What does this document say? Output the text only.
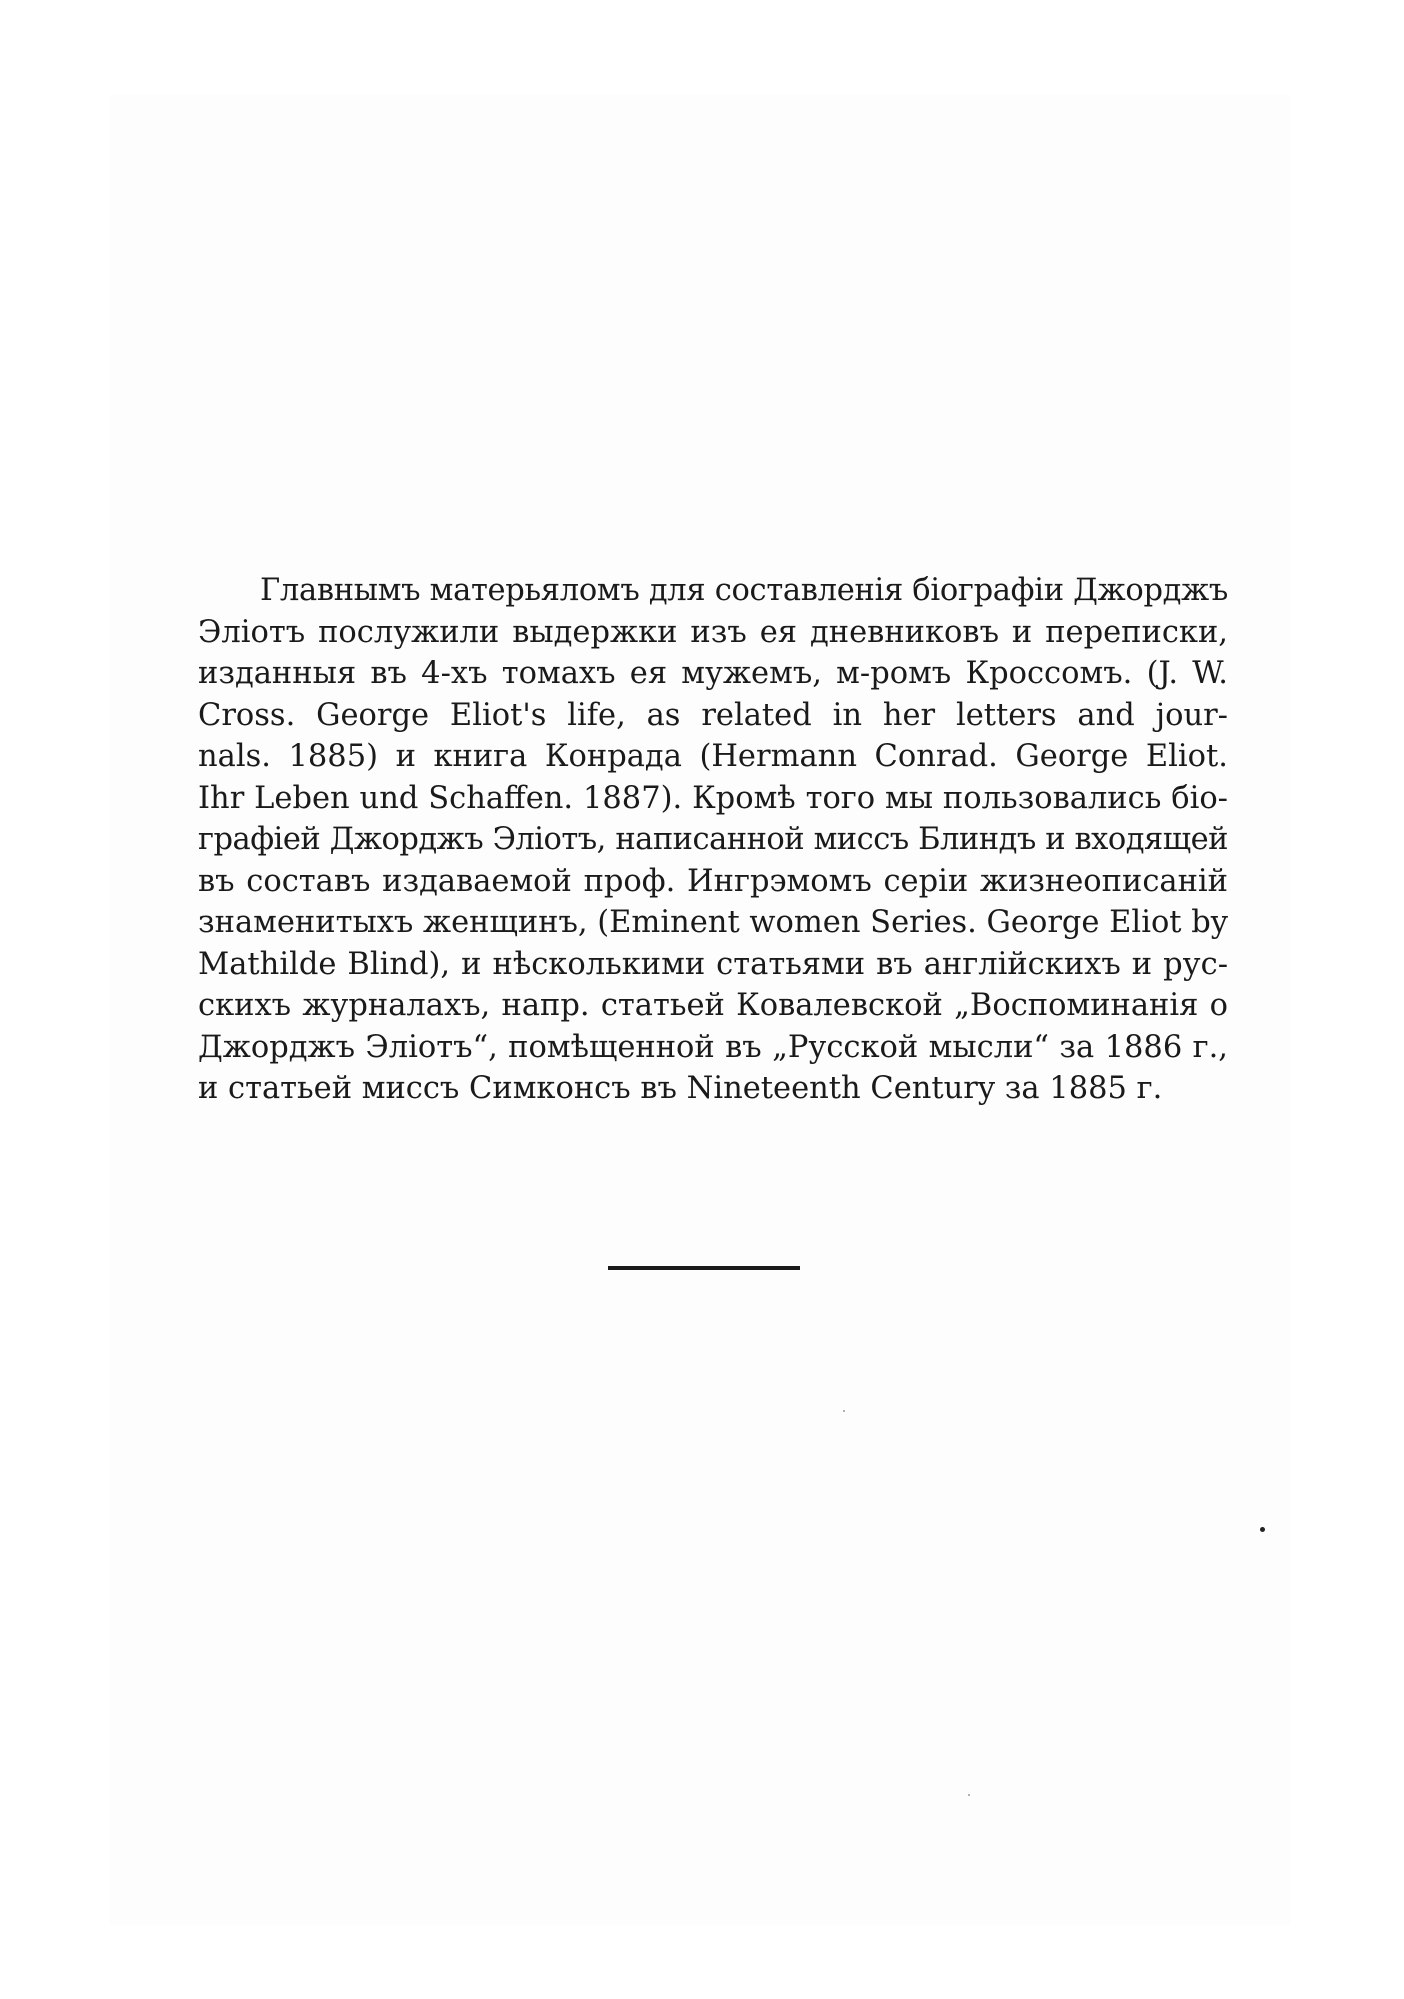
Главнымъ матерьяломъ для составленія біографіи Джорджъ
Эліотъ послужили выдержки изъ ея дневниковъ и переписки,
изданныя въ 4-хъ томахъ ея мужемъ, м-ромъ Кроссомъ. (J. W.
Cross. George Eliot's life, as related in her letters and jour-
nals. 1885) и книга Конрада (Hermann Conrad. George Eliot.
Ihr Leben und Schaffen. 1887). Кромѣ того мы пользовались біо-
графіей Джорджъ Эліотъ, написанной миссъ Блиндъ и входящей
въ составъ издаваемой проф. Ингрэмомъ серіи жизнеописаній
знаменитыхъ женщинъ, (Eminent women Series. George Eliot by
Mathilde Blind), и нѣсколькими статьями въ англійскихъ и рус-
скихъ журналахъ, напр. статьей Ковалевской „Воспоминанія о
Джорджъ Эліотъ“, помѣщенной въ „Русской мысли“ за 1886 г.,
и статьей миссъ Симконсъ въ Nineteenth Century за 1885 г.
